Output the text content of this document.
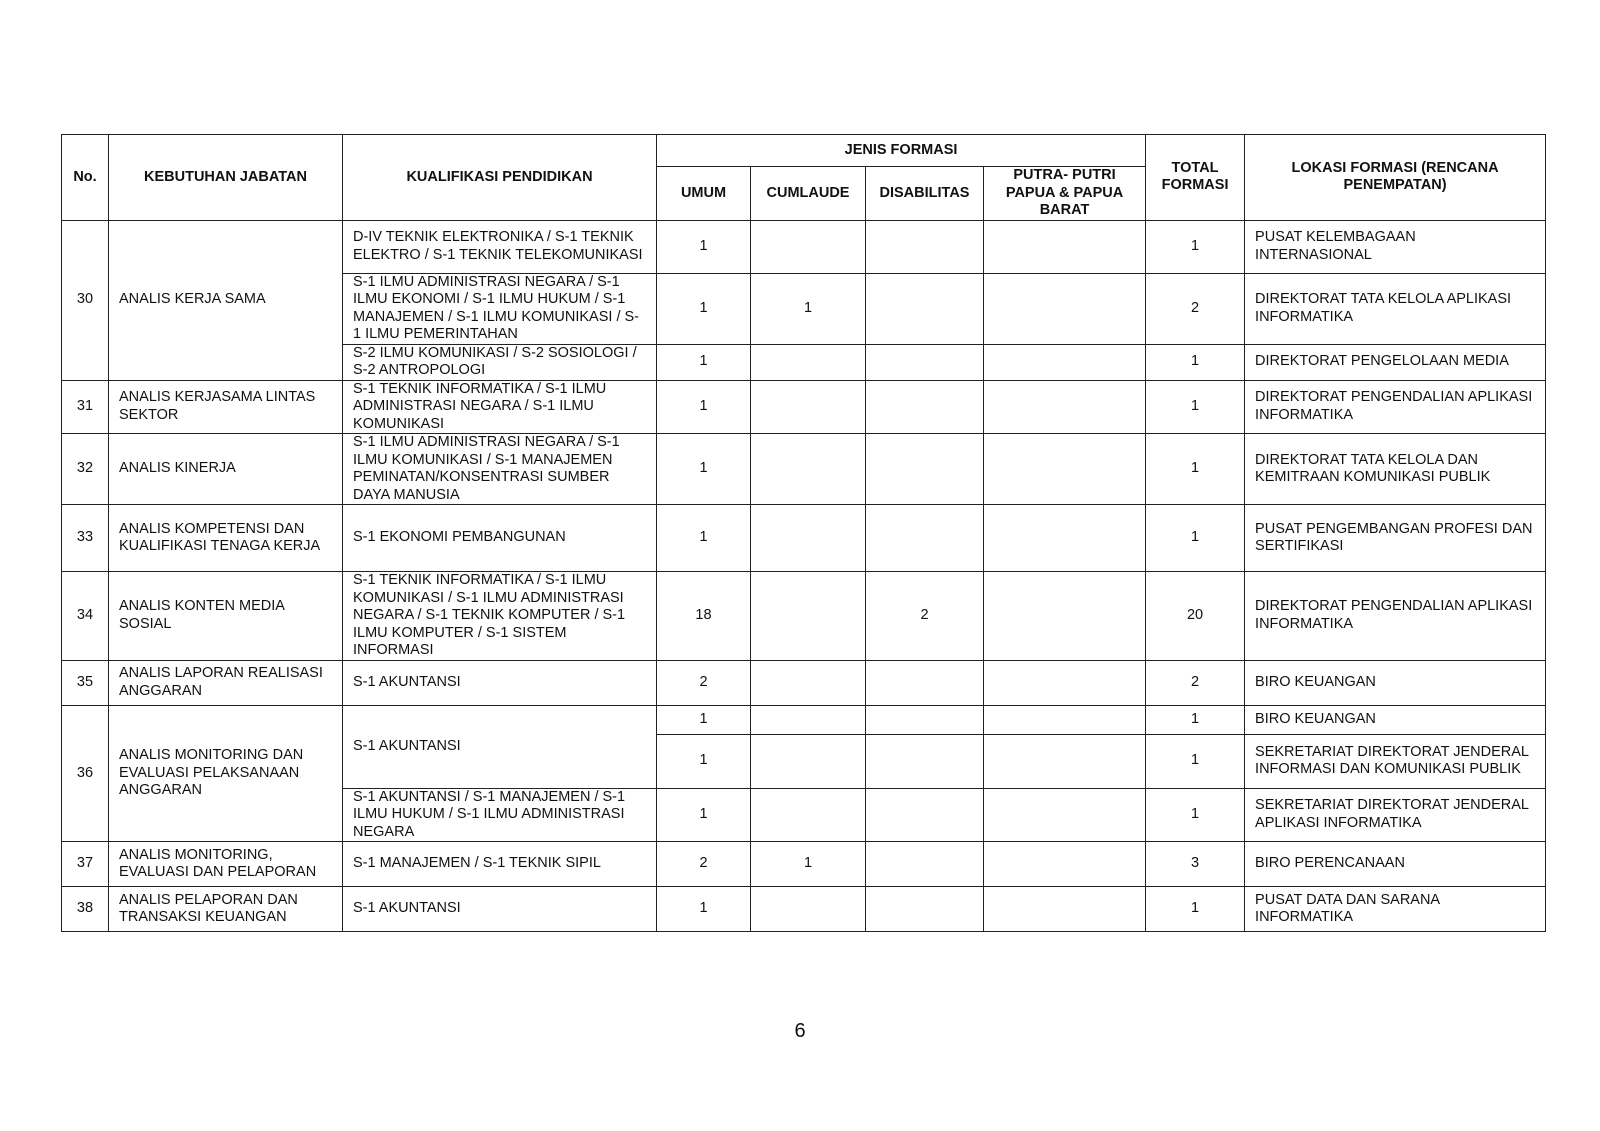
No.	KEBUTUHAN JABATAN	KUALIFIKASI PENDIDIKAN	JENIS FORMASI				TOTAL FORMASI	LOKASI FORMASI (RENCANA PENEMPATAN)
			UMUM	CUMLAUDE	DISABILITAS	PUTRA- PUTRI PAPUA & PAPUA BARAT		
30	ANALIS KERJA SAMA	D-IV TEKNIK ELEKTRONIKA / S-1 TEKNIK ELEKTRO / S-1 TEKNIK TELEKOMUNIKASI	1				1	PUSAT KELEMBAGAAN INTERNASIONAL
		S-1 ILMU ADMINISTRASI NEGARA / S-1 ILMU EKONOMI / S-1 ILMU HUKUM / S-1 MANAJEMEN / S-1 ILMU KOMUNIKASI / S-1 ILMU PEMERINTAHAN	1	1			2	DIREKTORAT TATA KELOLA APLIKASI INFORMATIKA
		S-2 ILMU KOMUNIKASI / S-2 SOSIOLOGI / S-2 ANTROPOLOGI	1				1	DIREKTORAT PENGELOLAAN MEDIA
31	ANALIS KERJASAMA LINTAS SEKTOR	S-1 TEKNIK INFORMATIKA / S-1 ILMU ADMINISTRASI NEGARA / S-1 ILMU KOMUNIKASI	1				1	DIREKTORAT PENGENDALIAN APLIKASI INFORMATIKA
32	ANALIS KINERJA	S-1 ILMU ADMINISTRASI NEGARA / S-1 ILMU KOMUNIKASI / S-1 MANAJEMEN PEMINATAN/KONSENTRASI SUMBER DAYA MANUSIA	1				1	DIREKTORAT TATA KELOLA DAN KEMITRAAN KOMUNIKASI PUBLIK
33	ANALIS KOMPETENSI DAN KUALIFIKASI TENAGA KERJA	S-1 EKONOMI PEMBANGUNAN	1				1	PUSAT PENGEMBANGAN PROFESI DAN SERTIFIKASI
34	ANALIS KONTEN MEDIA SOSIAL	S-1 TEKNIK INFORMATIKA / S-1 ILMU KOMUNIKASI / S-1 ILMU ADMINISTRASI NEGARA / S-1 TEKNIK KOMPUTER / S-1 ILMU KOMPUTER / S-1 SISTEM INFORMASI	18		2		20	DIREKTORAT PENGENDALIAN APLIKASI INFORMATIKA
35	ANALIS LAPORAN REALISASI ANGGARAN	S-1 AKUNTANSI	2				2	BIRO KEUANGAN
36	ANALIS MONITORING DAN EVALUASI PELAKSANAAN ANGGARAN	S-1 AKUNTANSI	1				1	BIRO KEUANGAN
			1				1	SEKRETARIAT DIREKTORAT JENDERAL INFORMASI DAN KOMUNIKASI PUBLIK
		S-1 AKUNTANSI / S-1 MANAJEMEN / S-1 ILMU HUKUM / S-1 ILMU ADMINISTRASI NEGARA	1				1	SEKRETARIAT DIREKTORAT JENDERAL APLIKASI INFORMATIKA
37	ANALIS MONITORING, EVALUASI DAN PELAPORAN	S-1 MANAJEMEN / S-1 TEKNIK SIPIL	2	1			3	BIRO PERENCANAAN
38	ANALIS PELAPORAN DAN TRANSAKSI KEUANGAN	S-1 AKUNTANSI	1				1	PUSAT DATA DAN SARANA INFORMATIKA
6
